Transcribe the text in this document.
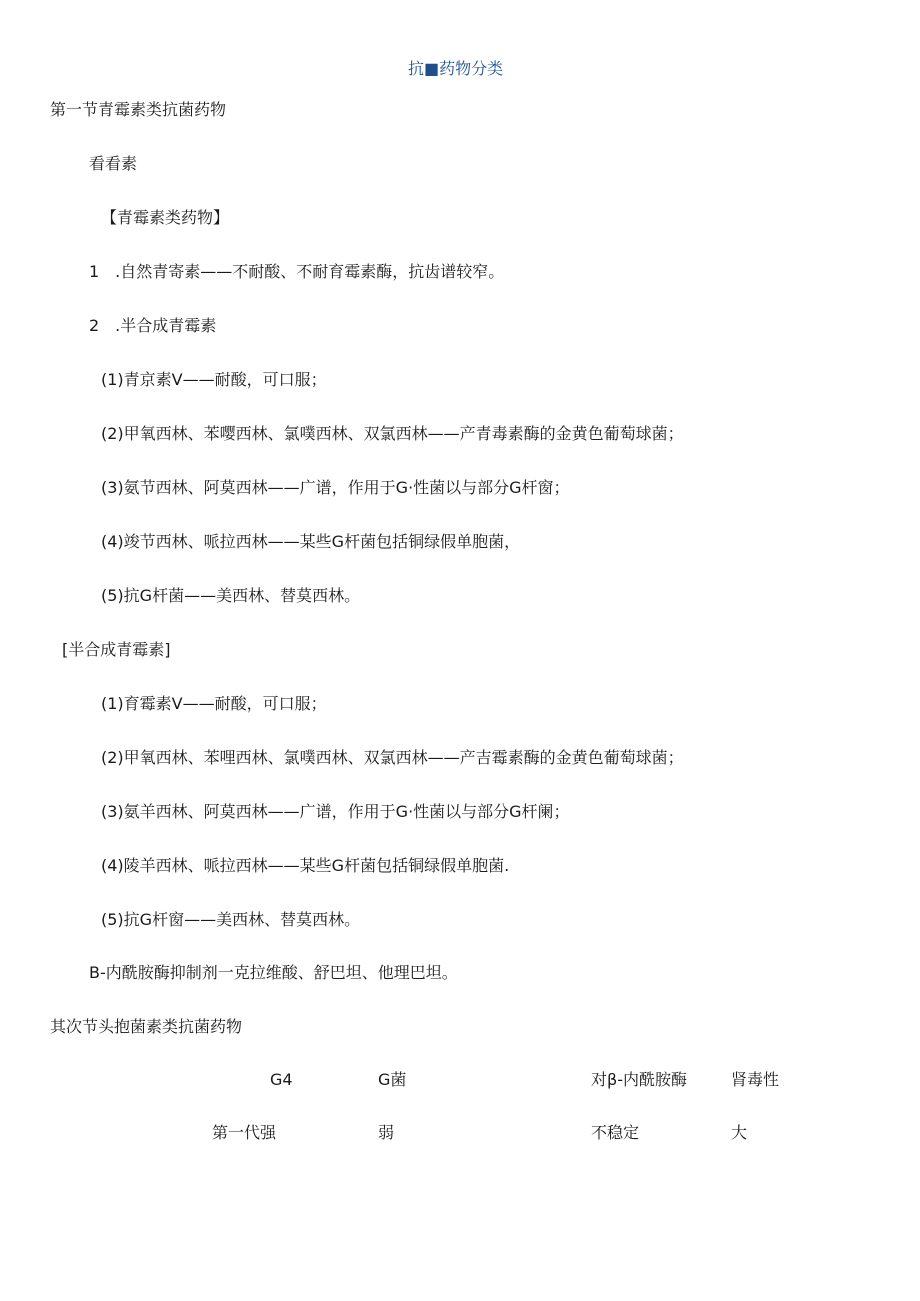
抗■药物分类
第一节青霉素类抗菌药物
看看素
【青霉素类药物】
1　.自然青寄素——不耐酸、不耐育霉素酶，抗齿谱较窄。
2　.半合成青霉素
(1)青京素V——耐酸，可口服；
(2)甲氧西林、苯嘤西林、氯噗西林、双氯西林——产青毒素酶的金黄色葡萄球菌；
(3)氨节西林、阿莫西林——广谱，作用于G·性菌以与部分G杆窗；
(4)竣节西林、哌拉西林——某些G杆菌包括铜绿假单胞菌，
(5)抗G杆菌——美西林、替莫西林。
[半合成青霉素]
(1)育霉素V——耐酸，可口服；
(2)甲氧西林、苯哩西林、氯噗西林、双氯西林——产吉霉素酶的金黄色葡萄球菌；
(3)氨羊西林、阿莫西林——广谱，作用于G·性菌以与部分G杆阑；
(4)陵羊西林、哌拉西林——某些G杆菌包括铜绿假单胞菌.
(5)抗G杆窗——美西林、替莫西林。
B-内酰胺酶抑制剂一克拉维酸、舒巴坦、他理巴坦。
其次节头抱菌素类抗菌药物
G4	G菌	对β-内酰胺酶	肾毒性
第一代强	弱	不稳定	大
